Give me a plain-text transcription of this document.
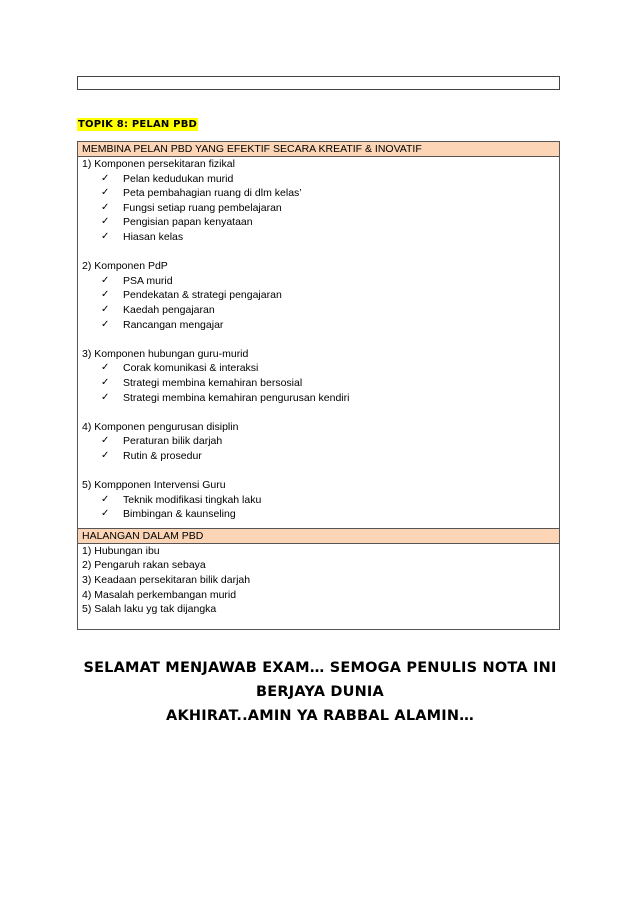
TOPIK 8: PELAN PBD
MEMBINA PELAN PBD YANG EFEKTIF SECARA KREATIF & INOVATIF
1) Komponen persekitaran fizikal
✓ Pelan kedudukan murid
✓ Peta pembahagian ruang di dlm kelas’
✓ Fungsi setiap ruang pembelajaran
✓ Pengisian papan kenyataan
✓ Hiasan kelas
2) Komponen PdP
✓ PSA murid
✓ Pendekatan & strategi pengajaran
✓ Kaedah pengajaran
✓ Rancangan mengajar
3) Komponen hubungan guru-murid
✓ Corak komunikasi & interaksi
✓ Strategi membina kemahiran bersosial
✓ Strategi membina kemahiran pengurusan kendiri
4) Komponen pengurusan disiplin
✓ Peraturan bilik darjah
✓ Rutin & prosedur
5) Kompponen Intervensi Guru
✓ Teknik modifikasi tingkah laku
✓ Bimbingan & kaunseling
HALANGAN DALAM PBD
1) Hubungan ibu
2) Pengaruh rakan sebaya
3) Keadaan persekitaran bilik darjah
4) Masalah perkembangan murid
5) Salah laku yg tak dijangka
SELAMAT MENJAWAB EXAM… SEMOGA PENULIS NOTA INI BERJAYA DUNIA
AKHIRAT..AMIN YA RABBAL ALAMIN…
